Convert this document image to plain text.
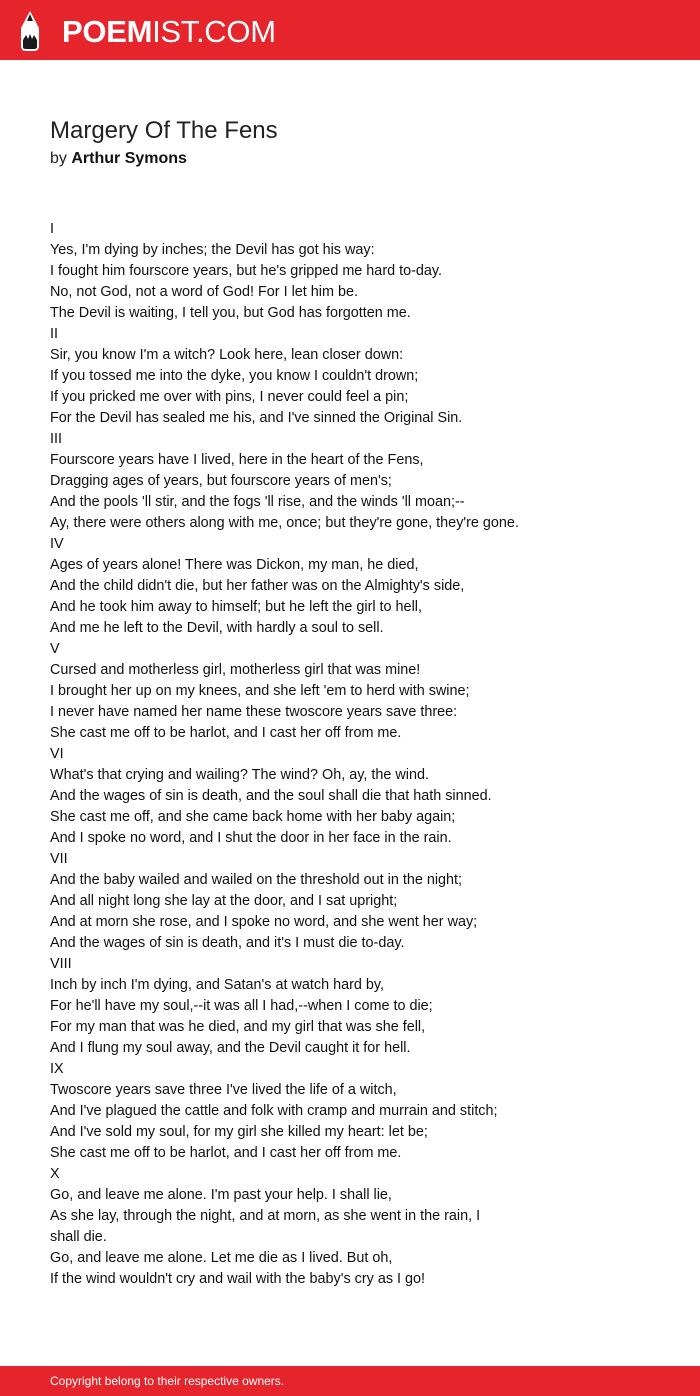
POEMIST.COM
Margery Of The Fens
by Arthur Symons
I
Yes, I'm dying by inches; the Devil has got his way:
I fought him fourscore years, but he's gripped me hard to-day.
No, not God, not a word of God! For I let him be.
The Devil is waiting, I tell you, but God has forgotten me.
II
Sir, you know I'm a witch? Look here, lean closer down:
If you tossed me into the dyke, you know I couldn't drown;
If you pricked me over with pins, I never could feel a pin;
For the Devil has sealed me his, and I've sinned the Original Sin.
III
Fourscore years have I lived, here in the heart of the Fens,
Dragging ages of years, but fourscore years of men's;
And the pools 'll stir, and the fogs 'll rise, and the winds 'll moan;--
Ay, there were others along with me, once; but they're gone, they're gone.
IV
Ages of years alone! There was Dickon, my man, he died,
And the child didn't die, but her father was on the Almighty's side,
And he took him away to himself; but he left the girl to hell,
And me he left to the Devil, with hardly a soul to sell.
V
Cursed and motherless girl, motherless girl that was mine!
I brought her up on my knees, and she left 'em to herd with swine;
I never have named her name these twoscore years save three:
She cast me off to be harlot, and I cast her off from me.
VI
What's that crying and wailing? The wind? Oh, ay, the wind.
And the wages of sin is death, and the soul shall die that hath sinned.
She cast me off, and she came back home with her baby again;
And I spoke no word, and I shut the door in her face in the rain.
VII
And the baby wailed and wailed on the threshold out in the night;
And all night long she lay at the door, and I sat upright;
And at morn she rose, and I spoke no word, and she went her way;
And the wages of sin is death, and it's I must die to-day.
VIII
Inch by inch I'm dying, and Satan's at watch hard by,
For he'll have my soul,--it was all I had,--when I come to die;
For my man that was he died, and my girl that was she fell,
And I flung my soul away, and the Devil caught it for hell.
IX
Twoscore years save three I've lived the life of a witch,
And I've plagued the cattle and folk with cramp and murrain and stitch;
And I've sold my soul, for my girl she killed my heart: let be;
She cast me off to be harlot, and I cast her off from me.
X
Go, and leave me alone. I'm past your help. I shall lie,
As she lay, through the night, and at morn, as she went in the rain, I
shall die.
Go, and leave me alone. Let me die as I lived. But oh,
If the wind wouldn't cry and wail with the baby's cry as I go!
Copyright belong to their respective owners.
